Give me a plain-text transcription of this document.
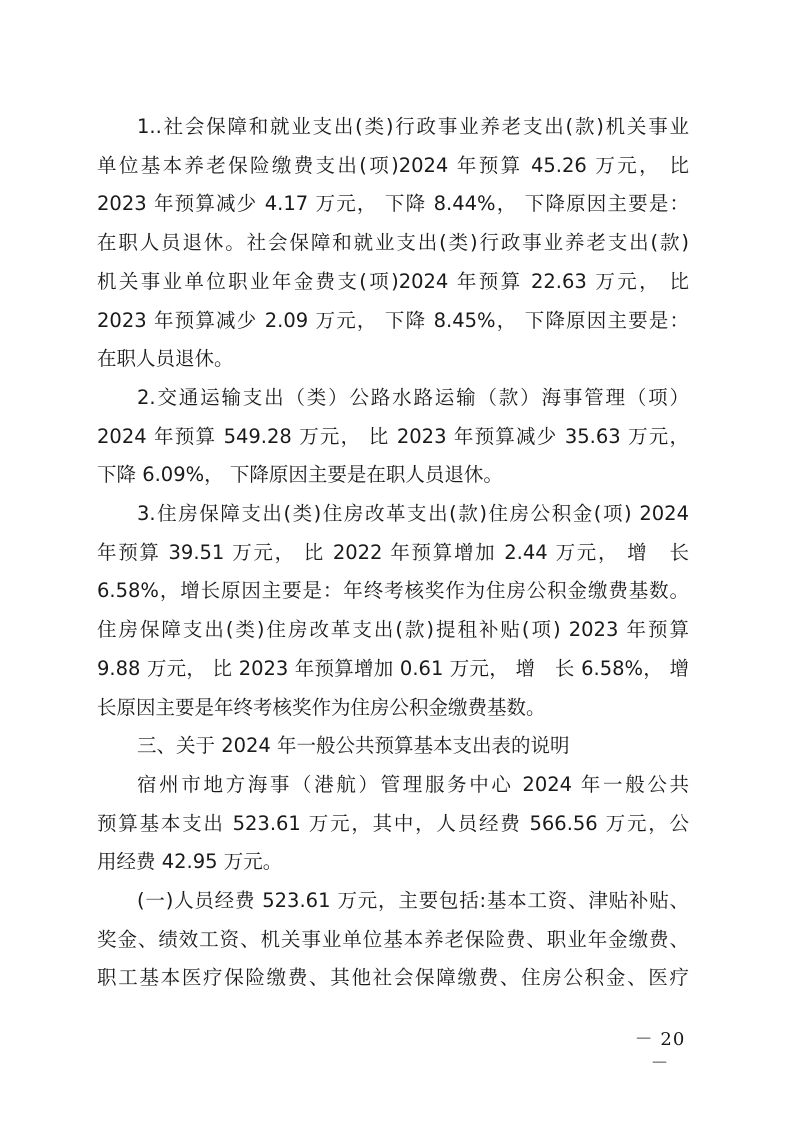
1..社会保障和就业支出(类)行政事业养老支出(款)机关事业
单位基本养老保险缴费支出(项)2024 年预算 45.26 万元， 比
2023 年预算减少 4.17 万元， 下降 8.44%， 下降原因主要是：
在职人员退休。社会保障和就业支出(类)行政事业养老支出(款)
机关事业单位职业年金费支(项)2024 年预算 22.63 万元， 比
2023 年预算减少 2.09 万元， 下降 8.45%， 下降原因主要是：
在职人员退休。

2.交通运输支出（类）公路水路运输（款）海事管理（项）
2024 年预算 549.28 万元， 比 2023 年预算减少 35.63 万元，
下降 6.09%， 下降原因主要是在职人员退休。

3.住房保障支出(类)住房改革支出(款)住房公积金(项) 2024
年预算 39.51 万元， 比 2022 年预算增加 2.44 万元， 增　长
6.58%，增长原因主要是：年终考核奖作为住房公积金缴费基数。
住房保障支出(类)住房改革支出(款)提租补贴(项) 2023 年预算
9.88 万元， 比 2023 年预算增加 0.61 万元， 增　长 6.58%， 增
长原因主要是年终考核奖作为住房公积金缴费基数。

三、关于 2024 年一般公共预算基本支出表的说明

宿州市地方海事（港航）管理服务中心 2024 年一般公共
预算基本支出 523.61 万元，其中，人员经费 566.56 万元，公
用经费 42.95 万元。

(一)人员经费 523.61 万元，主要包括:基本工资、津贴补贴、
奖金、绩效工资、机关事业单位基本养老保险费、职业年金缴费、
职工基本医疗保险缴费、其他社会保障缴费、住房公积金、医疗

－ 20 －
